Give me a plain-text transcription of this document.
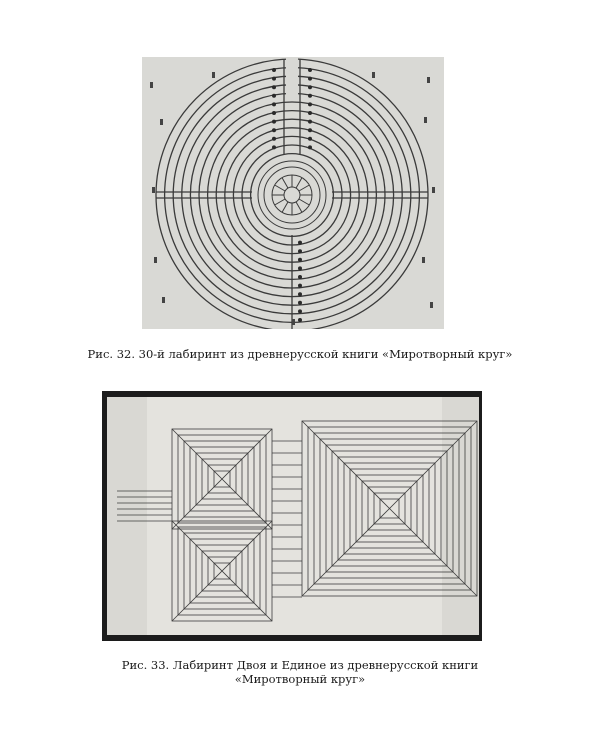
Рис. 32. 30-й лабиринт из древнерусской книги «Миротворный круг»
Рис. 33. Лабиринт Двоя и Единое из древнерусской книги
«Миротворный круг»
